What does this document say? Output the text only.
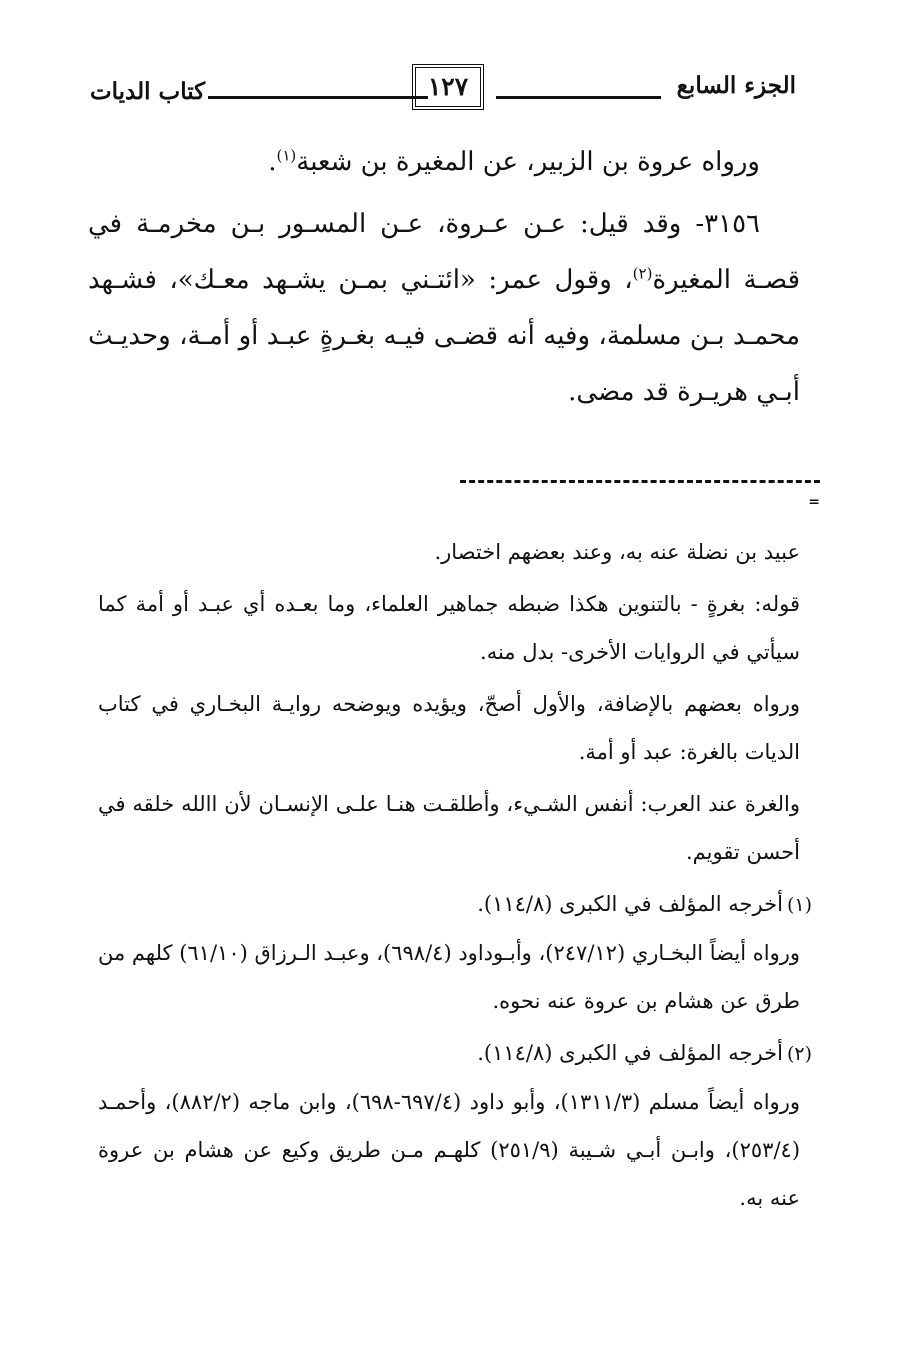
الجزء السابع
١٢٧
كتاب الديات

ورواه عروة بن الزبير، عن المغيرة بن شعبة$^{(١)}$.

٣١٥٦- وقد قيل: عـن عـروة، عـن المسـور بـن مخرمـة في قصـة المغيرة$^{(٢)}$، وقول عمر: «ائتـني بمـن يشـهد معـك»، فشـهد محمـد بـن مسلمة، وفيه أنه قضـى فيـه بغـرةٍ عبـد أو أمـة، وحديـث أبـي هريـرة قد مضى.

=

عبيد بن نضلة عنه به، وعند بعضهم اختصار.

قوله: بغرةٍ - بالتنوين هكذا ضبطه جماهير العلماء، وما بعـده أي عبـد أو أمة كما سيأتي في الروايات الأخرى- بدل منه.

ورواه بعضهم بالإضافة، والأول أصحّ، ويؤيده ويوضحه روايـة البخـاري في كتاب الديات بالغرة: عبد أو أمة.

والغرة عند العرب: أنفس الشـيء، وأطلقـت هنـا علـى الإنسـان لأن االله خلقه في أحسن تقويم.

(١)أخرجه المؤلف في الكبرى (١١٤/٨).

ورواه أيضاً البخـاري (٢٤٧/١٢)، وأبـوداود (٦٩٨/٤)، وعبـد الـرزاق (٦١/١٠) كلهم من طرق عن هشام بن عروة عنه نحوه.

(٢)أخرجه المؤلف في الكبرى (١١٤/٨).

ورواه أيضاً مسلم (١٣١١/٣)، وأبو داود (٦٩٧/٤-٦٩٨)، وابن ماجه (٨٨٢/٢)، وأحمـد (٢٥٣/٤)، وابـن أبـي شـيبة (٢٥١/٩) كلهـم مـن طريق وكيع عن هشام بن عروة عنه به.
